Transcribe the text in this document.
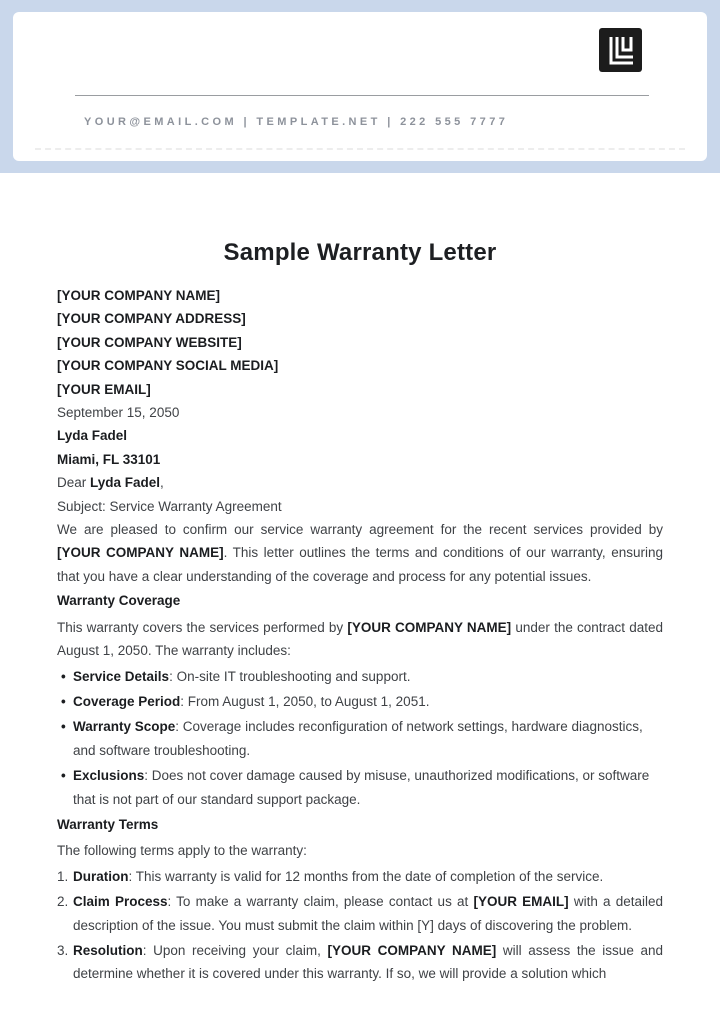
YOUR@EMAIL.COM | TEMPLATE.NET | 222 555 7777
Sample Warranty Letter

[YOUR COMPANY NAME]

[YOUR COMPANY ADDRESS]

[YOUR COMPANY WEBSITE]

[YOUR COMPANY SOCIAL MEDIA]

[YOUR EMAIL]

September 15, 2050

Lyda Fadel

Miami, FL 33101

Dear Lyda Fadel,

Subject: Service Warranty Agreement

We are pleased to confirm our service warranty agreement for the recent services provided by [YOUR COMPANY NAME]. This letter outlines the terms and conditions of our warranty, ensuring that you have a clear understanding of the coverage and process for any potential issues.

Warranty Coverage

This warranty covers the services performed by [YOUR COMPANY NAME] under the contract dated August 1, 2050. The warranty includes:

• Service Details: On-site IT troubleshooting and support.
• Coverage Period: From August 1, 2050, to August 1, 2051.
• Warranty Scope: Coverage includes reconfiguration of network settings, hardware diagnostics, and software troubleshooting.
• Exclusions: Does not cover damage caused by misuse, unauthorized modifications, or software that is not part of our standard support package.

Warranty Terms

The following terms apply to the warranty:

Duration: This warranty is valid for 12 months from the date of completion of the service.
Claim Process: To make a warranty claim, please contact us at [YOUR EMAIL] with a detailed description of the issue. You must submit the claim within [Y] days of discovering the problem.
Resolution: Upon receiving your claim, [YOUR COMPANY NAME] will assess the issue and determine whether it is covered under this warranty. If so, we will provide a solution which
